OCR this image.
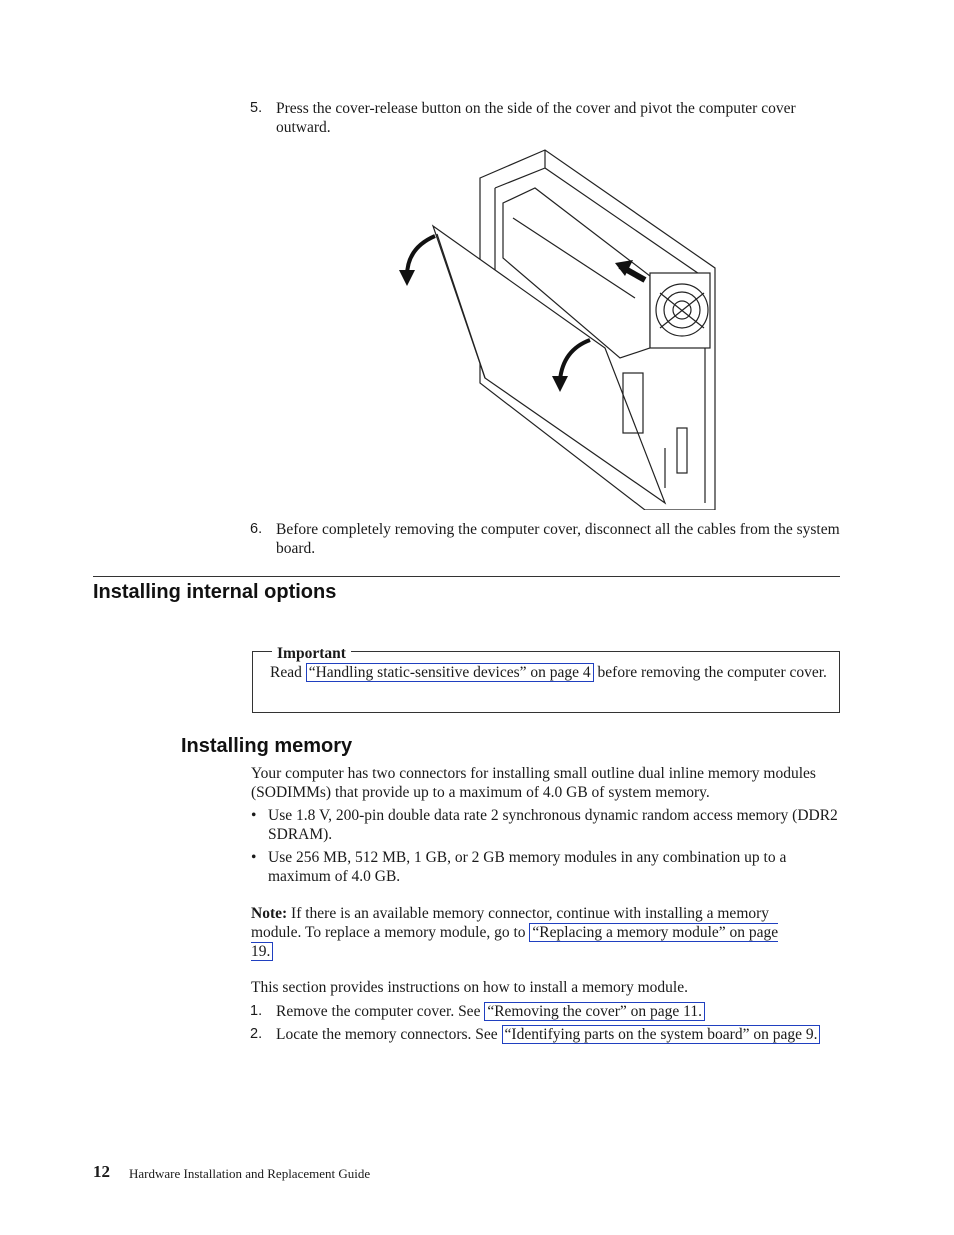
5. Press the cover-release button on the side of the cover and pivot the computer cover outward.
6. Before completely removing the computer cover, disconnect all the cables from the system board.
Installing internal options
Important
Read “Handling static-sensitive devices” on page 4 before removing the computer cover.
Installing memory
Your computer has two connectors for installing small outline dual inline memory modules (SODIMMs) that provide up to a maximum of 4.0 GB of system memory.
• Use 1.8 V, 200-pin double data rate 2 synchronous dynamic random access memory (DDR2 SDRAM).
• Use 256 MB, 512 MB, 1 GB, or 2 GB memory modules in any combination up to a maximum of 4.0 GB.
Note: If there is an available memory connector, continue with installing a memory module. To replace a memory module, go to “Replacing a memory module” on page 19.
This section provides instructions on how to install a memory module.
1. Remove the computer cover. See “Removing the cover” on page 11.
2. Locate the memory connectors. See “Identifying parts on the system board” on page 9.
12 Hardware Installation and Replacement Guide
